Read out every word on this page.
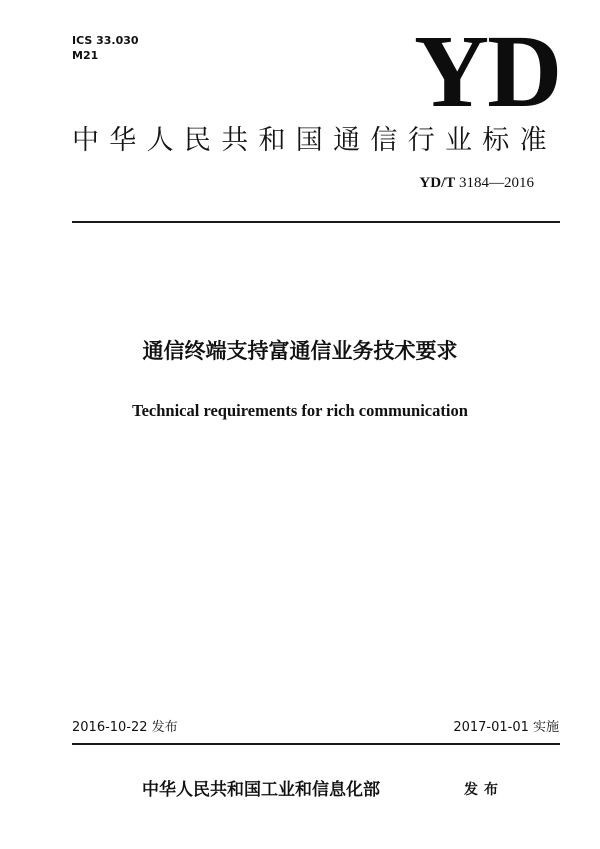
ICS 33.030
M21	YD
中华人民共和国通信行业标准
YD/T 3184—2016
通信终端支持富通信业务技术要求
Technical requirements for rich communication
2016-10-22 发布	2017-01-01 实施
中华人民共和国工业和信息化部	发布
